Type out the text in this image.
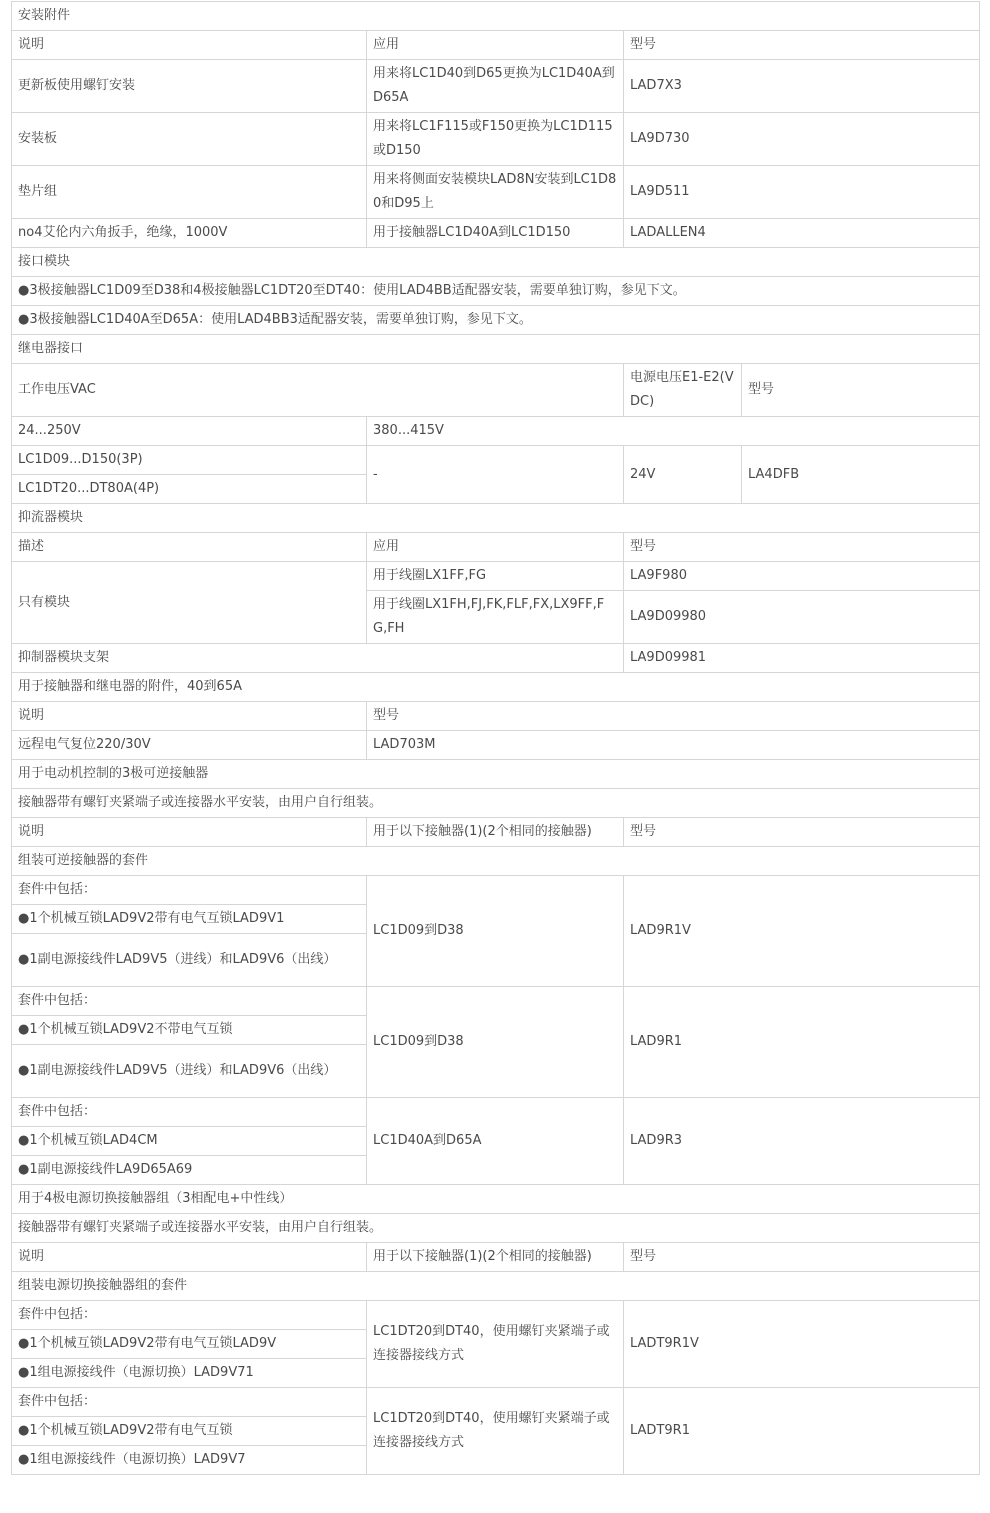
安装附件			
说明	应用	型号	
更新板使用螺钉安装	用来将LC1D40到D65更换为LC1D40A到D65A	LAD7X3	
安装板	用来将LC1F115或F150更换为LC1D115或D150	LA9D730	
垫片组	用来将侧面安装模块LAD8N安装到LC1D80和D95上	LA9D511	
no4艾伦内六角扳手，绝缘，1000V	用于接触器LC1D40A到LC1D150	LADALLEN4	
接口模块			
●3极接触器LC1D09至D38和4极接触器LC1DT20至DT40：使用LAD4BB适配器安装，需要单独订购，参见下文。			
●3极接触器LC1D40A至D65A：使用LAD4BB3适配器安装，需要单独订购，参见下文。			
继电器接口			
工作电压VAC		电源电压E1-E2(VDC)	型号
24...250V	380...415V		
LC1D09...D150(3P)	-	24V	LA4DFB
LC1DT20...DT80A(4P)			
抑流器模块			
描述	应用	型号	
只有模块	用于线圈LX1FF,FG	LA9F980	
	用于线圈LX1FH,FJ,FK,FLF,FX,LX9FF,FG,FH	LA9D09980	
抑制器模块支架		LA9D09981	
用于接触器和继电器的附件，40到65A			
说明	型号		
远程电气复位220/30V	LAD703M		
用于电动机控制的3极可逆接触器			
接触器带有螺钉夹紧端子或连接器水平安装，由用户自行组装。			
说明	用于以下接触器(1)(2个相同的接触器)	型号	
组装可逆接触器的套件			
套件中包括：	LC1D09到D38	LAD9R1V	
●1个机械互锁LAD9V2带有电气互锁LAD9V1			
●1副电源接线件LAD9V5（进线）和LAD9V6（出线）			
套件中包括：	LC1D09到D38	LAD9R1	
●1个机械互锁LAD9V2不带电气互锁			
●1副电源接线件LAD9V5（进线）和LAD9V6（出线）			
套件中包括：	LC1D40A到D65A	LAD9R3	
●1个机械互锁LAD4CM			
●1副电源接线件LA9D65A69			
用于4极电源切换接触器组（3相配电+中性线）			
接触器带有螺钉夹紧端子或连接器水平安装，由用户自行组装。			
说明	用于以下接触器(1)(2个相同的接触器)	型号	
组装电源切换接触器组的套件			
套件中包括：	LC1DT20到DT40，使用螺钉夹紧端子或连接器接线方式	LADT9R1V	
●1个机械互锁LAD9V2带有电气互锁LAD9V			
●1组电源接线件（电源切换）LAD9V71			
套件中包括：	LC1DT20到DT40，使用螺钉夹紧端子或连接器接线方式	LADT9R1	
●1个机械互锁LAD9V2带有电气互锁			
●1组电源接线件（电源切换）LAD9V7			
